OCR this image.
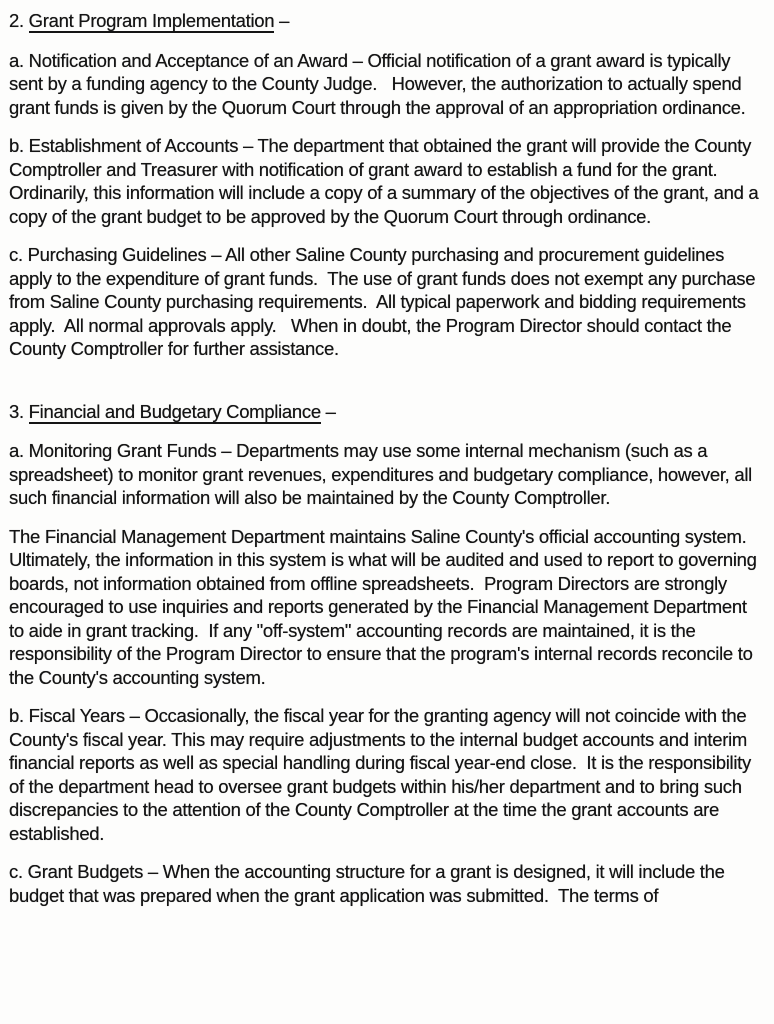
2. Grant Program Implementation –

a. Notification and Acceptance of an Award – Official notification of a grant award is typically sent by a funding agency to the County Judge.   However, the authorization to actually spend grant funds is given by the Quorum Court through the approval of an appropriation ordinance.

b. Establishment of Accounts – The department that obtained the grant will provide the County Comptroller and Treasurer with notification of grant award to establish a fund for the grant.  Ordinarily, this information will include a copy of a summary of the objectives of the grant, and a copy of the grant budget to be approved by the Quorum Court through ordinance.

c. Purchasing Guidelines – All other Saline County purchasing and procurement guidelines apply to the expenditure of grant funds.  The use of grant funds does not exempt any purchase from Saline County purchasing requirements.  All typical paperwork and bidding requirements apply.  All normal approvals apply.   When in doubt, the Program Director should contact the County Comptroller for further assistance.

3. Financial and Budgetary Compliance –

a. Monitoring Grant Funds – Departments may use some internal mechanism (such as a spreadsheet) to monitor grant revenues, expenditures and budgetary compliance, however, all such financial information will also be maintained by the County Comptroller.

The Financial Management Department maintains Saline County's official accounting system.  Ultimately, the information in this system is what will be audited and used to report to governing boards, not information obtained from offline spreadsheets.  Program Directors are strongly encouraged to use inquiries and reports generated by the Financial Management Department to aide in grant tracking.  If any "off-system" accounting records are maintained, it is the responsibility of the Program Director to ensure that the program's internal records reconcile to the County's accounting system.

b. Fiscal Years – Occasionally, the fiscal year for the granting agency will not coincide with the County's fiscal year. This may require adjustments to the internal budget accounts and interim financial reports as well as special handling during fiscal year-end close.  It is the responsibility of the department head to oversee grant budgets within his/her department and to bring such discrepancies to the attention of the County Comptroller at the time the grant accounts are established.

c. Grant Budgets – When the accounting structure for a grant is designed, it will include the budget that was prepared when the grant application was submitted.  The terms of
